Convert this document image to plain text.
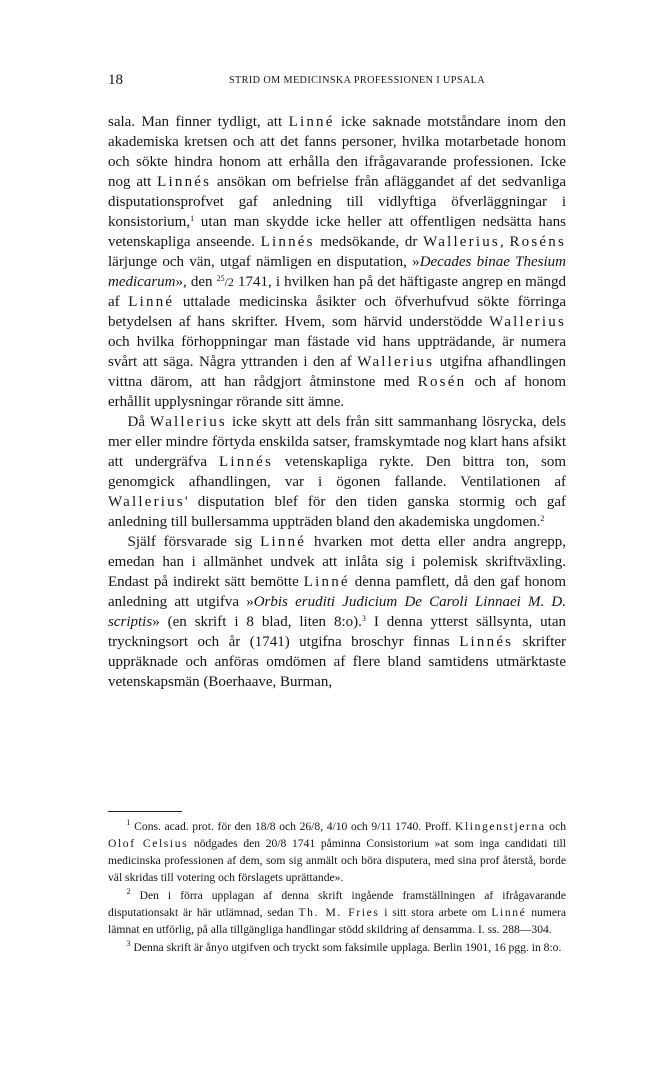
18	STRID OM MEDICINSKA PROFESSIONEN I UPSALA

sala. Man finner tydligt, att Linné icke saknade motståndare inom den akademiska kretsen och att det fanns personer, hvilka motarbetade honom och sökte hindra honom att erhålla den ifrågavarande professionen. Icke nog att Linnés ansökan om befrielse från afläggandet af det sedvanliga disputationsprofvet gaf anledning till vidlyftiga öfverläggningar i konsistorium,$^1$ utan man skydde icke heller att offentligen nedsätta hans vetenskapliga anseende. Linnés medsökande, dr Wallerius, Roséns lärjunge och vän, utgaf nämligen en disputation, »Decades binae Thesium medicarum», den $^{25}$/2 1741, i hvilken han på det häftigaste angrep en mängd af Linné uttalade medicinska åsikter och öfverhufvud sökte förringa betydelsen af hans skrifter. Hvem, som härvid understödde Wallerius och hvilka förhoppningar man fästade vid hans uppträdande, är numera svårt att säga. Några yttranden i den af Wallerius utgifna afhandlingen vittna därom, att han rådgjort åtminstone med Rosén och af honom erhållit upplysningar rörande sitt ämne.

Då Wallerius icke skytt att dels från sitt sammanhang lösrycka, dels mer eller mindre förtyda enskilda satser, framskymtade nog klart hans afsikt att undergräfva Linnés vetenskapliga rykte. Den bittra ton, som genomgick afhandlingen, var i ögonen fallande. Ventilationen af Wallerius' disputation blef för den tiden ganska stormig och gaf anledning till bullersamma uppträden bland den akademiska ungdomen.$^2$

Själf försvarade sig Linné hvarken mot detta eller andra angrepp, emedan han i allmänhet undvek att inlåta sig i polemisk skriftväxling. Endast på indirekt sätt bemötte Linné denna pamflett, då den gaf honom anledning att utgifva »Orbis eruditi Judicium De Caroli Linnaei M. D. scriptis» (en skrift i 8 blad, liten 8:o).$^3$ I denna ytterst sällsynta, utan tryckningsort och år (1741) utgifna broschyr finnas Linnés skrifter uppräknade och anföras omdömen af flere bland samtidens utmärktaste vetenskapsmän (Boerhaave, Burman,

$^1$ Cons. acad. prot. för den 18/8 och 26/8, 4/10 och 9/11 1740. Proff. Klingenstjerna och Olof Celsius nödgades den 20/8 1741 påminna Consistorium »at som inga candidati till medicinska professionen af dem, som sig anmält och böra disputera, med sina prof återstå, borde väl skridas till votering och förslagets uprättande».

$^2$ Den i förra upplagan af denna skrift ingående framställningen af ifrågavarande disputationsakt är här utlämnad, sedan Th. M. Fries i sitt stora arbete om Linné numera lämnat en utförlig, på alla tillgängliga handlingar stödd skildring af densamma. I. ss. 288—304.

$^3$ Denna skrift är ånyo utgifven och tryckt som faksimile upplaga. Berlin 1901, 16 pgg. in 8:o.
